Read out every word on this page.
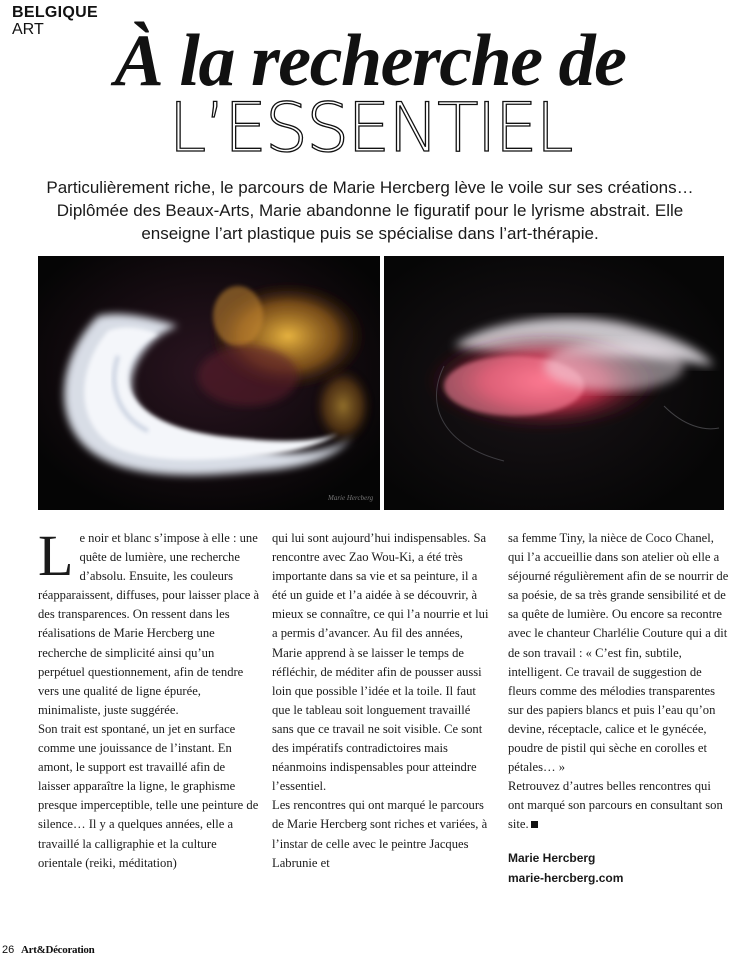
BELGIQUE
ART À la recherche de
L’ESSENTIEL
Particulièrement riche, le parcours de Marie Hercberg lève le voile sur ses créations… Diplômée des Beaux-Arts, Marie abandonne le figuratif pour le lyrisme abstrait. Elle enseigne l’art plastique puis se spécialise dans l’art-thérapie.
Marie Hercberg
L e noir et blanc s’impose à elle : une quête de lumière, une recherche d’absolu. Ensuite, les couleurs réapparaissent, diffuses, pour laisser place à des transparences. On ressent dans les réalisations de Marie Hercberg une recherche de simplicité ainsi qu’un perpétuel questionnement, afin de tendre vers une qualité de ligne épurée, minimaliste, juste suggérée.

Son trait est spontané, un jet en surface comme une jouissance de l’instant. En amont, le support est travaillé afin de laisser apparaître la ligne, le graphisme presque imperceptible, telle une peinture de silence… Il y a quelques années, elle a travaillé la calligraphie et la culture orientale (reiki, méditation)

qui lui sont aujourd’hui indispensables. Sa rencontre avec Zao Wou-Ki, a été très importante dans sa vie et sa peinture, il a été un guide et l’a aidée à se découvrir, à mieux se connaître, ce qui l’a nourrie et lui a permis d’avancer. Au fil des années, Marie apprend à se laisser le temps de réfléchir, de méditer afin de pousser aussi loin que possible l’idée et la toile. Il faut que le tableau soit longuement travaillé sans que ce travail ne soit visible. Ce sont des impératifs contradictoires mais néanmoins indispensables pour atteindre l’essentiel.

Les rencontres qui ont marqué le parcours de Marie Hercberg sont riches et variées, à l’instar de celle avec le peintre Jacques Labrunie et

sa femme Tiny, la nièce de Coco Chanel, qui l’a accueillie dans son atelier où elle a séjourné régulièrement afin de se nourrir de sa poésie, de sa très grande sensibilité et de sa quête de lumière. Ou encore sa recontre avec le chanteur Charlélie Couture qui a dit de son travail : « C’est fin, subtile, intelligent. Ce travail de suggestion de fleurs comme des mélodies transparentes sur des papiers blancs et puis l’eau qu’on devine, réceptacle, calice et le gynécée, poudre de pistil qui sèche en corolles et pétales… »

Retrouvez d’autres belles rencontres qui ont marqué son parcours en consultant son site.

Marie Hercberg
marie-hercberg.com
26 Art&Décoration
